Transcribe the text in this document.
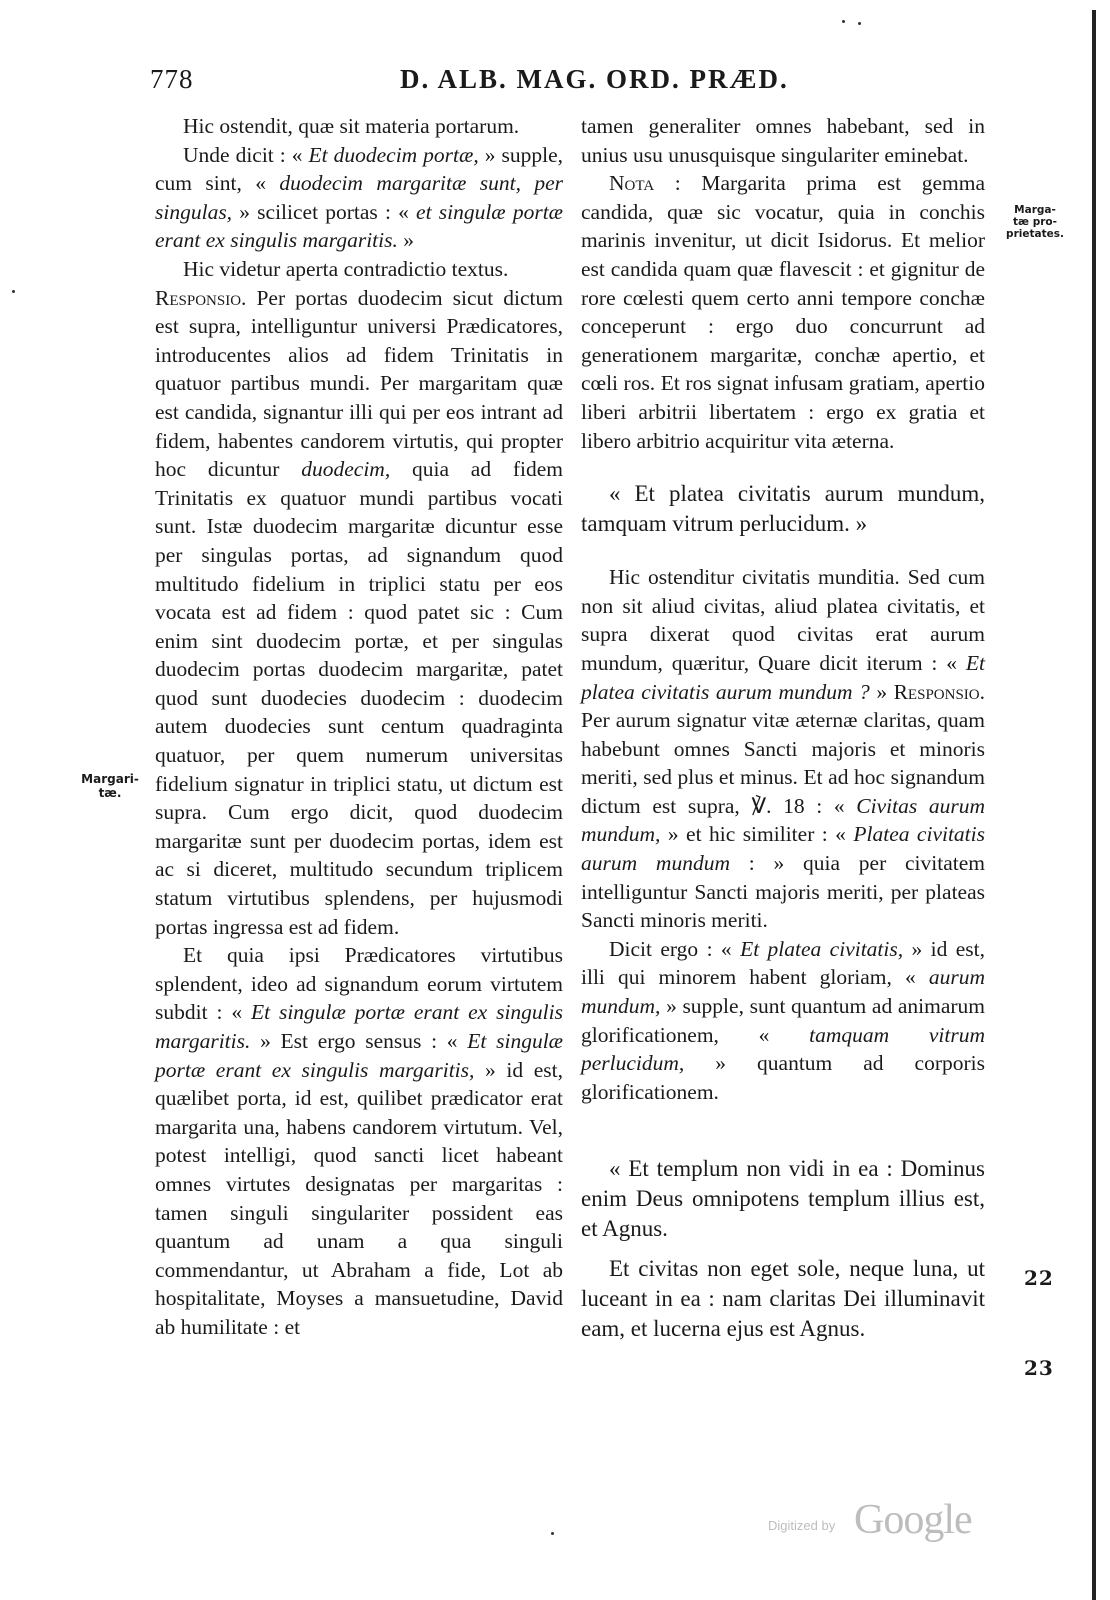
778	D. ALB. MAG. ORD. PRÆD.

Hic ostendit, quæ sit materia portarum.

Unde dicit : « Et duodecim portæ, » supple, cum sint, « duodecim margaritæ sunt, per singulas, » scilicet portas : « et singulæ portæ erant ex singulis margaritis. »

Hic videtur aperta contradictio textus.

Responsio. Per portas duodecim sicut dictum est supra, intelliguntur universi Prædicatores, introducentes alios ad fidem Trinitatis in quatuor partibus mundi. Per margaritam quæ est candida, signantur illi qui per eos intrant ad fidem, habentes candorem virtutis, qui propter hoc dicuntur duodecim, quia ad fidem Trinitatis ex quatuor mundi partibus vocati sunt. Istæ duodecim margaritæ dicuntur esse per singulas portas, ad signandum quod multitudo fidelium in triplici statu per eos vocata est ad fidem : quod patet sic : Cum enim sint duodecim portæ, et per singulas duodecim portas duodecim margaritæ, patet quod sunt duodecies duodecim : duodecim autem duodecies sunt centum quadraginta quatuor, per quem numerum universitas fidelium signatur in triplici statu, ut dictum est supra. Cum ergo dicit, quod duodecim margaritæ sunt per duodecim portas, idem est ac si diceret, multitudo secundum triplicem statum virtutibus splendens, per hujusmodi portas ingressa est ad fidem.

Et quia ipsi Prædicatores virtutibus splendent, ideo ad signandum eorum virtutem subdit : « Et singulæ portæ erant ex singulis margaritis. » Est ergo sensus : « Et singulæ portæ erant ex singulis margaritis, » id est, quælibet porta, id est, quilibet prædicator erat margarita una, habens candorem virtutum. Vel, potest intelligi, quod sancti licet habeant omnes virtutes designatas per margaritas : tamen singuli singulariter possident eas quantum ad unam a qua singuli commendantur, ut Abraham a fide, Lot ab hospitalitate, Moyses a mansuetudine, David ab humilitate : et

tamen generaliter omnes habebant, sed in unius usu unusquisque singulariter eminebat.

Nota : Margarita prima est gemma candida, quæ sic vocatur, quia in conchis marinis invenitur, ut dicit Isidorus. Et melior est candida quam quæ flavescit : et gignitur de rore cœlesti quem certo anni tempore conchæ conceperunt : ergo duo concurrunt ad generationem margaritæ, conchæ apertio, et cœli ros. Et ros signat infusam gratiam, apertio liberi arbitrii libertatem : ergo ex gratia et libero arbitrio acquiritur vita æterna.

« Et platea civitatis aurum mundum, tamquam vitrum perlucidum. »

Hic ostenditur civitatis munditia. Sed cum non sit aliud civitas, aliud platea civitatis, et supra dixerat quod civitas erat aurum mundum, quæritur, Quare dicit iterum : « Et platea civitatis aurum mundum ? » Responsio. Per aurum signatur vitæ æternæ claritas, quam habebunt omnes Sancti majoris et minoris meriti, sed plus et minus. Et ad hoc signandum dictum est supra, ℣. 18 : « Civitas aurum mundum, » et hic similiter : « Platea civitatis aurum mundum : » quia per civitatem intelliguntur Sancti majoris meriti, per plateas Sancti minoris meriti.

Dicit ergo : « Et platea civitatis, » id est, illi qui minorem habent gloriam, « aurum mundum, » supple, sunt quantum ad animarum glorificationem, « tamquam vitrum perlucidum, » quantum ad corporis glorificationem.

« Et templum non vidi in ea : Dominus enim Deus omnipotens templum illius est, et Agnus.

Et civitas non eget sole, neque luna, ut luceant in ea : nam claritas Dei illuminavit eam, et lucerna ejus est Agnus.

Margari-
tæ.
Marga-
tæ pro-
prietates.
22
23
Digitized by Google
